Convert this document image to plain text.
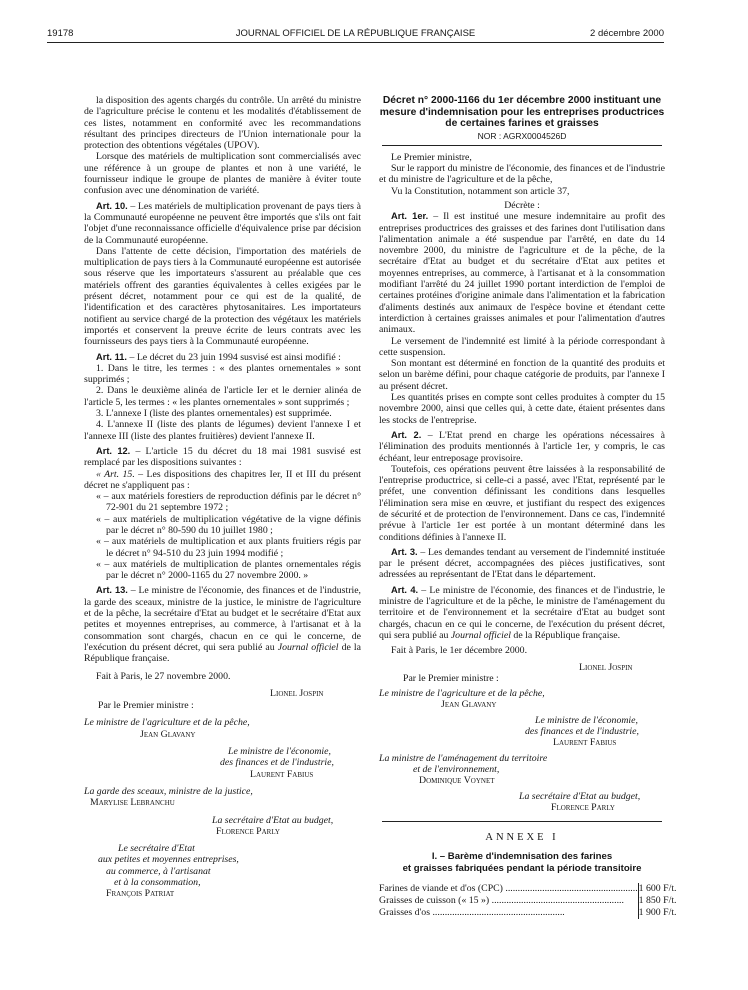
19178	JOURNAL OFFICIEL DE LA RÉPUBLIQUE FRANÇAISE	2 décembre 2000

la disposition des agents chargés du contrôle. Un arrêté du ministre de l'agriculture précise le contenu et les modalités d'établissement de ces listes, notamment en conformité avec les recommandations résultant des principes directeurs de l'Union internationale pour la protection des obtentions végétales (UPOV).

Lorsque des matériels de multiplication sont commercialisés avec une référence à un groupe de plantes et non à une variété, le fournisseur indique le groupe de plantes de manière à éviter toute confusion avec une dénomination de variété.

Art. 10. – Les matériels de multiplication provenant de pays tiers à la Communauté européenne ne peuvent être importés que s'ils ont fait l'objet d'une reconnaissance officielle d'équivalence prise par décision de la Communauté européenne.

Dans l'attente de cette décision, l'importation des matériels de multiplication de pays tiers à la Communauté européenne est autorisée sous réserve que les importateurs s'assurent au préalable que ces matériels offrent des garanties équivalentes à celles exigées par le présent décret, notamment pour ce qui est de la qualité, de l'identification et des caractères phytosanitaires. Les importateurs notifient au service chargé de la protection des végétaux les matériels importés et conservent la preuve écrite de leurs contrats avec les fournisseurs des pays tiers à la Communauté européenne.

Art. 11. – Le décret du 23 juin 1994 susvisé est ainsi modifié :

1. Dans le titre, les termes : « des plantes ornementales » sont supprimés ;

2. Dans le deuxième alinéa de l'article Ier et le dernier alinéa de l'article 5, les termes : « les plantes ornementales » sont supprimés ;

3. L'annexe I (liste des plantes ornementales) est supprimée.

4. L'annexe II (liste des plants de légumes) devient l'annexe I et l'annexe III (liste des plantes fruitières) devient l'annexe II.

Art. 12. – L'article 15 du décret du 18 mai 1981 susvisé est remplacé par les dispositions suivantes :

« Art. 15. – Les dispositions des chapitres Ier, II et III du présent décret ne s'appliquent pas :

« – aux matériels forestiers de reproduction définis par le décret n° 72-901 du 21 septembre 1972 ;

« – aux matériels de multiplication végétative de la vigne définis par le décret n° 80-590 du 10 juillet 1980 ;

« – aux matériels de multiplication et aux plants fruitiers régis par le décret n° 94-510 du 23 juin 1994 modifié ;

« – aux matériels de multiplication de plantes ornementales régis par le décret n° 2000-1165 du 27 novembre 2000. »

Art. 13. – Le ministre de l'économie, des finances et de l'industrie, la garde des sceaux, ministre de la justice, le ministre de l'agriculture et de la pêche, la secrétaire d'Etat au budget et le secrétaire d'Etat aux petites et moyennes entreprises, au commerce, à l'artisanat et à la consommation sont chargés, chacun en ce qui le concerne, de l'exécution du présent décret, qui sera publié au Journal officiel de la République française.

Fait à Paris, le 27 novembre 2000.

Lionel Jospin

Par le Premier ministre :

Le ministre de l'agriculture et de la pêche,

Jean Glavany

Le ministre de l'économie,

des finances et de l'industrie,

Laurent Fabius

La garde des sceaux, ministre de la justice,

Marylise Lebranchu

La secrétaire d'Etat au budget,

Florence Parly

Le secrétaire d'Etat

aux petites et moyennes entreprises,

au commerce, à l'artisanat

et à la consommation,

François Patriat

Décret n° 2000-1166 du 1er décembre 2000 instituant une mesure d'indemnisation pour les entreprises productrices de certaines farines et graisses

NOR : AGRX0004526D

Le Premier ministre,

Sur le rapport du ministre de l'économie, des finances et de l'industrie et du ministre de l'agriculture et de la pêche,

Vu la Constitution, notamment son article 37,

Décrète :

Art. 1er. – Il est institué une mesure indemnitaire au profit des entreprises productrices des graisses et des farines dont l'utilisation dans l'alimentation animale a été suspendue par l'arrêté, en date du 14 novembre 2000, du ministre de l'agriculture et de la pêche, de la secrétaire d'Etat au budget et du secrétaire d'Etat aux petites et moyennes entreprises, au commerce, à l'artisanat et à la consommation modifiant l'arrêté du 24 juillet 1990 portant interdiction de l'emploi de certaines protéines d'origine animale dans l'alimentation et la fabrication d'aliments destinés aux animaux de l'espèce bovine et étendant cette interdiction à certaines graisses animales et pour l'alimentation d'autres animaux.

Le versement de l'indemnité est limité à la période correspondant à cette suspension.

Son montant est déterminé en fonction de la quantité des produits et selon un barème défini, pour chaque catégorie de produits, par l'annexe I au présent décret.

Les quantités prises en compte sont celles produites à compter du 15 novembre 2000, ainsi que celles qui, à cette date, étaient présentes dans les stocks de l'entreprise.

Art. 2. – L'Etat prend en charge les opérations nécessaires à l'élimination des produits mentionnés à l'article 1er, y compris, le cas échéant, leur entreposage provisoire.

Toutefois, ces opérations peuvent être laissées à la responsabilité de l'entreprise productrice, si celle-ci a passé, avec l'Etat, représenté par le préfet, une convention définissant les conditions dans lesquelles l'élimination sera mise en œuvre, et justifiant du respect des exigences de sécurité et de protection de l'environnement. Dans ce cas, l'indemnité prévue à l'article 1er est portée à un montant déterminé dans les conditions définies à l'annexe II.

Art. 3. – Les demandes tendant au versement de l'indemnité instituée par le présent décret, accompagnées des pièces justificatives, sont adressées au représentant de l'Etat dans le département.

Art. 4. – Le ministre de l'économie, des finances et de l'industrie, le ministre de l'agriculture et de la pêche, le ministre de l'aménagement du territoire et de l'environnement et la secrétaire d'Etat au budget sont chargés, chacun en ce qui le concerne, de l'exécution du présent décret, qui sera publié au Journal officiel de la République française.

Fait à Paris, le 1er décembre 2000.

Lionel Jospin

Par le Premier ministre :

Le ministre de l'agriculture et de la pêche,

Jean Glavany

Le ministre de l'économie,

des finances et de l'industrie,

Laurent Fabius

La ministre de l'aménagement du territoire

et de l'environnement,

Dominique Voynet

La secrétaire d'Etat au budget,

Florence Parly

ANNEXE I

I. – Barème d'indemnisation des farines

et graisses fabriquées pendant la période transitoire

Farines de viande et d'os (CPC) ......................................................	1 600 F/t.
Graisses de cuisson (« 15 ») ......................................................	1 850 F/t.
Graisses d'os ......................................................	1 900 F/t.
